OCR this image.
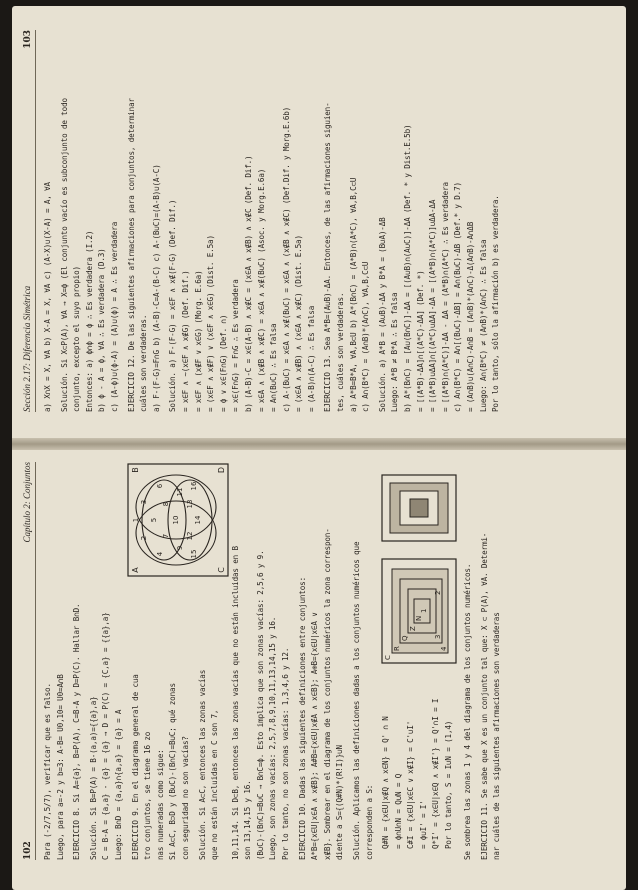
Sección 2.17: Diferencia Simétrica
103
a) X∩X = X, ∀A b) X-A = X, ∀A c) (A-X)∪(X-A) = A, ∀A Solución. Si X⊂P(A), ∀A → X=ϕ (El conjunto vacío es subconjunto de todo conjunto, excepto el suyo propio) Entonces: a) ϕ∩ϕ = ϕ ∴ Es verdadera (I.2) b) ϕ - A = ϕ, ∀A ∴ Es verdadera (D.3) c) (A-ϕ)∪(ϕ-A) = (A)∪(ϕ) = A ∴ Es verdadera EJERCICIO 12. De las siguientes afirmaciones para conjuntos, determinar cuáles son verdaderas. a) F-(F-G)=F∩G b) (A-B)-C=A-(B-C) c) A-(B∪C)=(A-B)∪(A-C) Solución. a) F-(F-G) = x∈F ∧ x∉(F-G) (Def. Dif.) = x∈F ∧ ~(x∈F ∧ x∉G) (Def. Dif.) = x∈F ∧ (x∉F ∨ x∈G) (Morg. E.6a) = (x∈F ∧ x∉F) ∨ (x∈F ∧ x∈G) (Dist. E.5a) = ϕ ∨ x∈(F∩G) (Def. ∩) = x∈(F∩G) = F∩G ∴ Es verdadera b) (A-B)-C = x∈(A-B) ∧ x∉C = (x∈A ∧ x∉B) ∧ x∉C (Def. Dif.) = x∈A ∧ (x∉B ∧ x∉C) = x∈A ∧ x∉(B∪C) (Asoc. y Morg.E.6a) = A∩(B∪C) ∴ Es falsa c) A-(B∪C) = x∈A ∧ x∉(B∪C) = x∈A ∧ (x∉B ∧ x∉C) (Def.Dif. y Morg.E.6b) = (x∈A ∧ x∉B) ∧ (x∈A ∧ x∉C) (Dist. E.5a) = (A-B)∩(A-C) ∴ Es falsa EJERCICIO 13. Sea A*B=(A∪B)-ΔA. Entonces, de las afirmaciones siguien- tes, cuáles son verdaderas. a) A*B=B*A, ∀A,B⊂U b) A*(B∩C) = (A*B)∩(A*C), ∀A,B,C⊂U c) A∩(B*C) = (A∩B)*(A∩C), ∀A,B,C⊂U Solución. a) A*B = (A∪B)-ΔA y B*A = (B∪A)-ΔB Luego: A*B ≠ B*A ∴ Es falsa b) A*(B∩C) = [A∪(B∩C)]-ΔA = [(A∪B)∩(A∪C)]-ΔA (Def. * y Dist.E.5b) = [(A*B)-ΔA]∩[(A*C)-ΔA] (Def. *) = [(A*B)∪ΔA]∩[(A*C)∪ΔA]-ΔA = [(A*B)∩(A*C)]∪ΔA-ΔA = [(A*B)∩(A*C)]-ΔA - ΔA = (A*B)∩(A*C) ∴ Es verdadera c) A∩(B*C) = A∩[(B∪C)-ΔB] = A∩(B∪C)-ΔB (Def.* y D.7) = (A∩B)∪(A∩C)-A∩B = (A∩B)*(A∩C)-Δ(A∩B)-A∩ΔB Luego: A∩(B*C) ≠ (A∩B)*(A∩C) ∴ Es falsa Por lo tanto, sólo la afirmación b) es verdadera.
102
Capítulo 2: Conjuntos
Para (-2/7,5/7), verificar que es falso. Luego, para a=-2 y b=3: A-B= U0,10= U0=A∩B EJERCICIO 8. Si A={a}, B=P(A), C=B-A y D=P(C). Hallar B∩D. Solución. Si B=P(A) = B-(a,a)={{a},a} C = B-A = {a,a} - {a} = {a} → D = P(C) = {C,a} = {{a},a} Luego: B∩D = {a,a}∩{a,a} = {a} = A EJERCICIO 9. En el diagrama general de cua tro conjuntos, se tiene 16 zo nas numeradas como sigue: Si A⊂C, B⊃D y (B∪C)-(B∩C)=B∪C; qué zonas con seguridad no son vacías? Solución. Si A⊂C, entonces las zonas vacías que no están incluidas en C son 7,
1
2
3
4
5
6
7
8
9
10
11
12
13
14
15
16
A
B
C
D
10,11,14. Si D⊂B, entonces las zonas vacías que no están incluidas en B son 13,14,15 y 16. (B∪C)-(B∩C)=B∪C → B∩C=ϕ. Esto implica que son zonas vacías: 2,5,6 y 9. Luego, son zonas vacías: 2,5,7,8,9,10,11,13,14,15 y 16. Por lo tanto, no son zonas vacías: 1,3,4,6 y 12. EJERCICIO 10. Dadas las siguientes definiciones entre conjuntos: A*B={x∈U|x∈A ∧ x∉B}; A#B={x∈U|x∉A ∧ x∈B}; A⊕B={x∈U|x∈A ∨ x∉B}. Sombrear en el diagrama de los conjuntos numéricos la zona correspon- diente a S={(Q#N)*(R!I)}∪N Solución. Aplicamos las definiciones dadas a los conjuntos numéricos que corresponden a S: Q#N = {x∈U|x∉Q ∧ x∈N} = Q' ∩ N = ϕ∩U∩N = Q∪N = Q C#I = {x∈U|x∈C ∨ x∉I} = C'∪I' = ϕ∪I' = I' Q*I' = {x∈U|x∈Q ∧ x∉I'} = Q'∩I = I Por lo tanto, S = I∪N = (1,4)
C
R
Q
Z
N
1
2
3
4 Se sombrea las zonas 1 y 4 del diagrama de los conjuntos numéricos. EJERCICIO 11. Se sabe que X es un conjunto tal que: X ⊂ P(A), ∀A. Determi- nar cuáles de las siguientes afirmaciones son verdaderas
